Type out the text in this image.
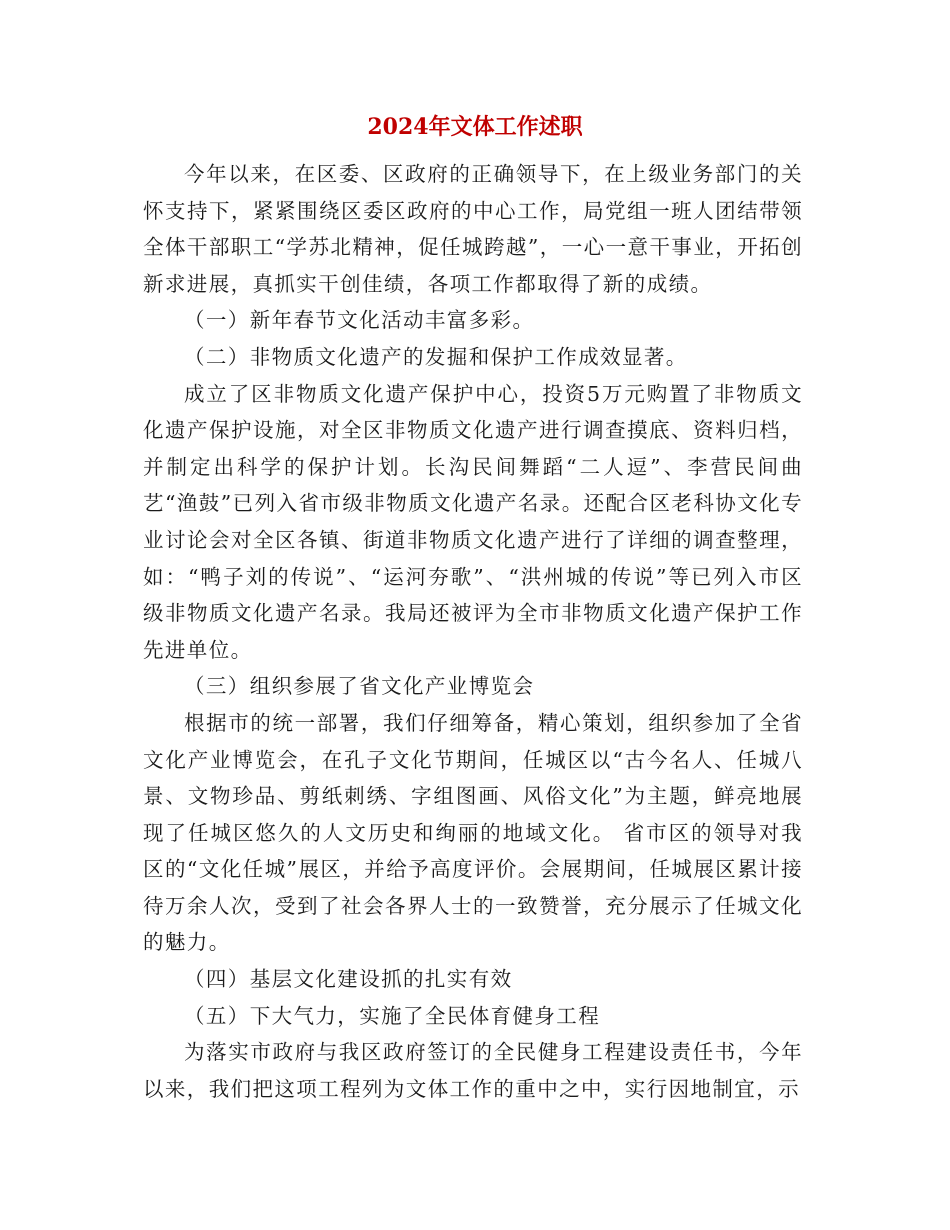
2024年文体工作述职

今年以来，在区委、区政府的正确领导下，在上级业务部门的关怀支持下，紧紧围绕区委区政府的中心工作，局党组一班人团结带领全体干部职工“学苏北精神，促任城跨越”，一心一意干事业，开拓创新求进展，真抓实干创佳绩，各项工作都取得了新的成绩。

（一）新年春节文化活动丰富多彩。

（二）非物质文化遗产的发掘和保护工作成效显著。

成立了区非物质文化遗产保护中心，投资5万元购置了非物质文化遗产保护设施，对全区非物质文化遗产进行调查摸底、资料归档，并制定出科学的保护计划。长沟民间舞蹈“二人逗”、李营民间曲艺“渔鼓”已列入省市级非物质文化遗产名录。还配合区老科协文化专业讨论会对全区各镇、街道非物质文化遗产进行了详细的调查整理，如：“鸭子刘的传说”、“运河夯歌”、“洪州城的传说”等已列入市区级非物质文化遗产名录。我局还被评为全市非物质文化遗产保护工作先进单位。

（三）组织参展了省文化产业博览会

根据市的统一部署，我们仔细筹备，精心策划，组织参加了全省文化产业博览会，在孔子文化节期间，任城区以“古今名人、任城八景、文物珍品、剪纸刺绣、字组图画、风俗文化”为主题，鲜亮地展现了任城区悠久的人文历史和绚丽的地域文化。 省市区的领导对我区的“文化任城”展区，并给予高度评价。会展期间，任城展区累计接待万余人次，受到了社会各界人士的一致赞誉，充分展示了任城文化的魅力。

（四）基层文化建设抓的扎实有效

（五）下大气力，实施了全民体育健身工程

为落实市政府与我区政府签订的全民健身工程建设责任书，今年以来，我们把这项工程列为文体工作的重中之中，实行因地制宜，示
